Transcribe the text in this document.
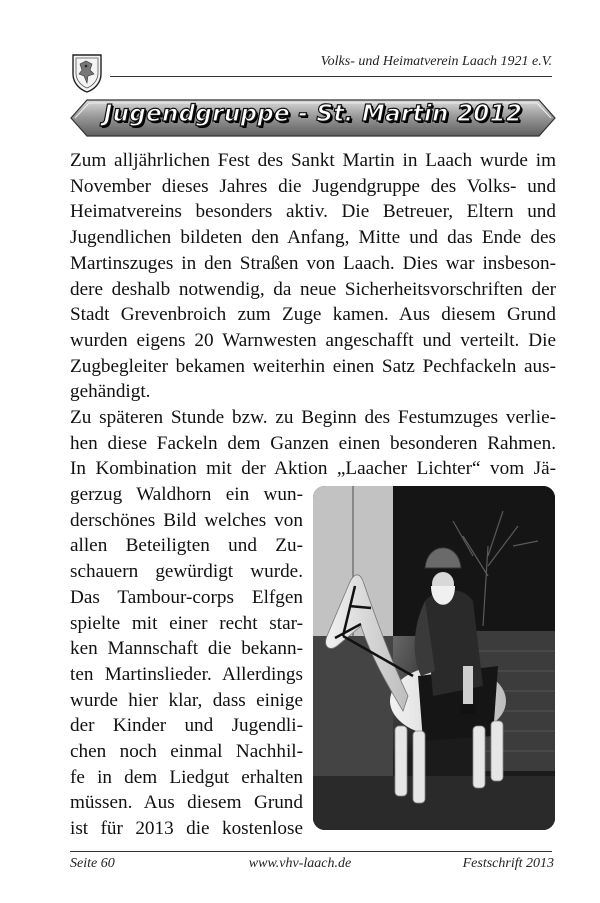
Volks- und Heimatverein Laach 1921 e.V.
Jugendgruppe - St. Martin 2012
Zum alljährlichen Fest des Sankt Martin in Laach wurde im
November dieses Jahres die Jugendgruppe des Volks- und
Heimatvereins besonders aktiv. Die Betreuer, Eltern und
Jugendlichen bildeten den Anfang, Mitte und das Ende des
Martinszuges in den Straßen von Laach. Dies war insbeson-
dere deshalb notwendig, da neue Sicherheitsvorschriften der
Stadt Grevenbroich zum Zuge kamen. Aus diesem Grund
wurden eigens 20 Warnwesten angeschafft und verteilt. Die
Zugbegleiter bekamen weiterhin einen Satz Pechfackeln aus-
gehändigt.
Zu späteren Stunde bzw. zu Beginn des Festumzuges verlie-
hen diese Fackeln dem Ganzen einen besonderen Rahmen.
In Kombination mit der Aktion „Laacher Lichter“ vom Jä-
gerzug Waldhorn ein wun-
derschönes Bild welches von
allen Beteiligten und Zu-
schauern gewürdigt wurde.
Das Tambour-corps Elfgen
spielte mit einer recht star-
ken Mannschaft die bekann-
ten Martinslieder. Allerdings
wurde hier klar, dass einige
der Kinder und Jugendli-
chen noch einmal Nachhil-
fe in dem Liedgut erhalten
müssen. Aus diesem Grund
ist für 2013 die kostenlose
Seite 60	www.vhv-laach.de	Festschrift 2013
